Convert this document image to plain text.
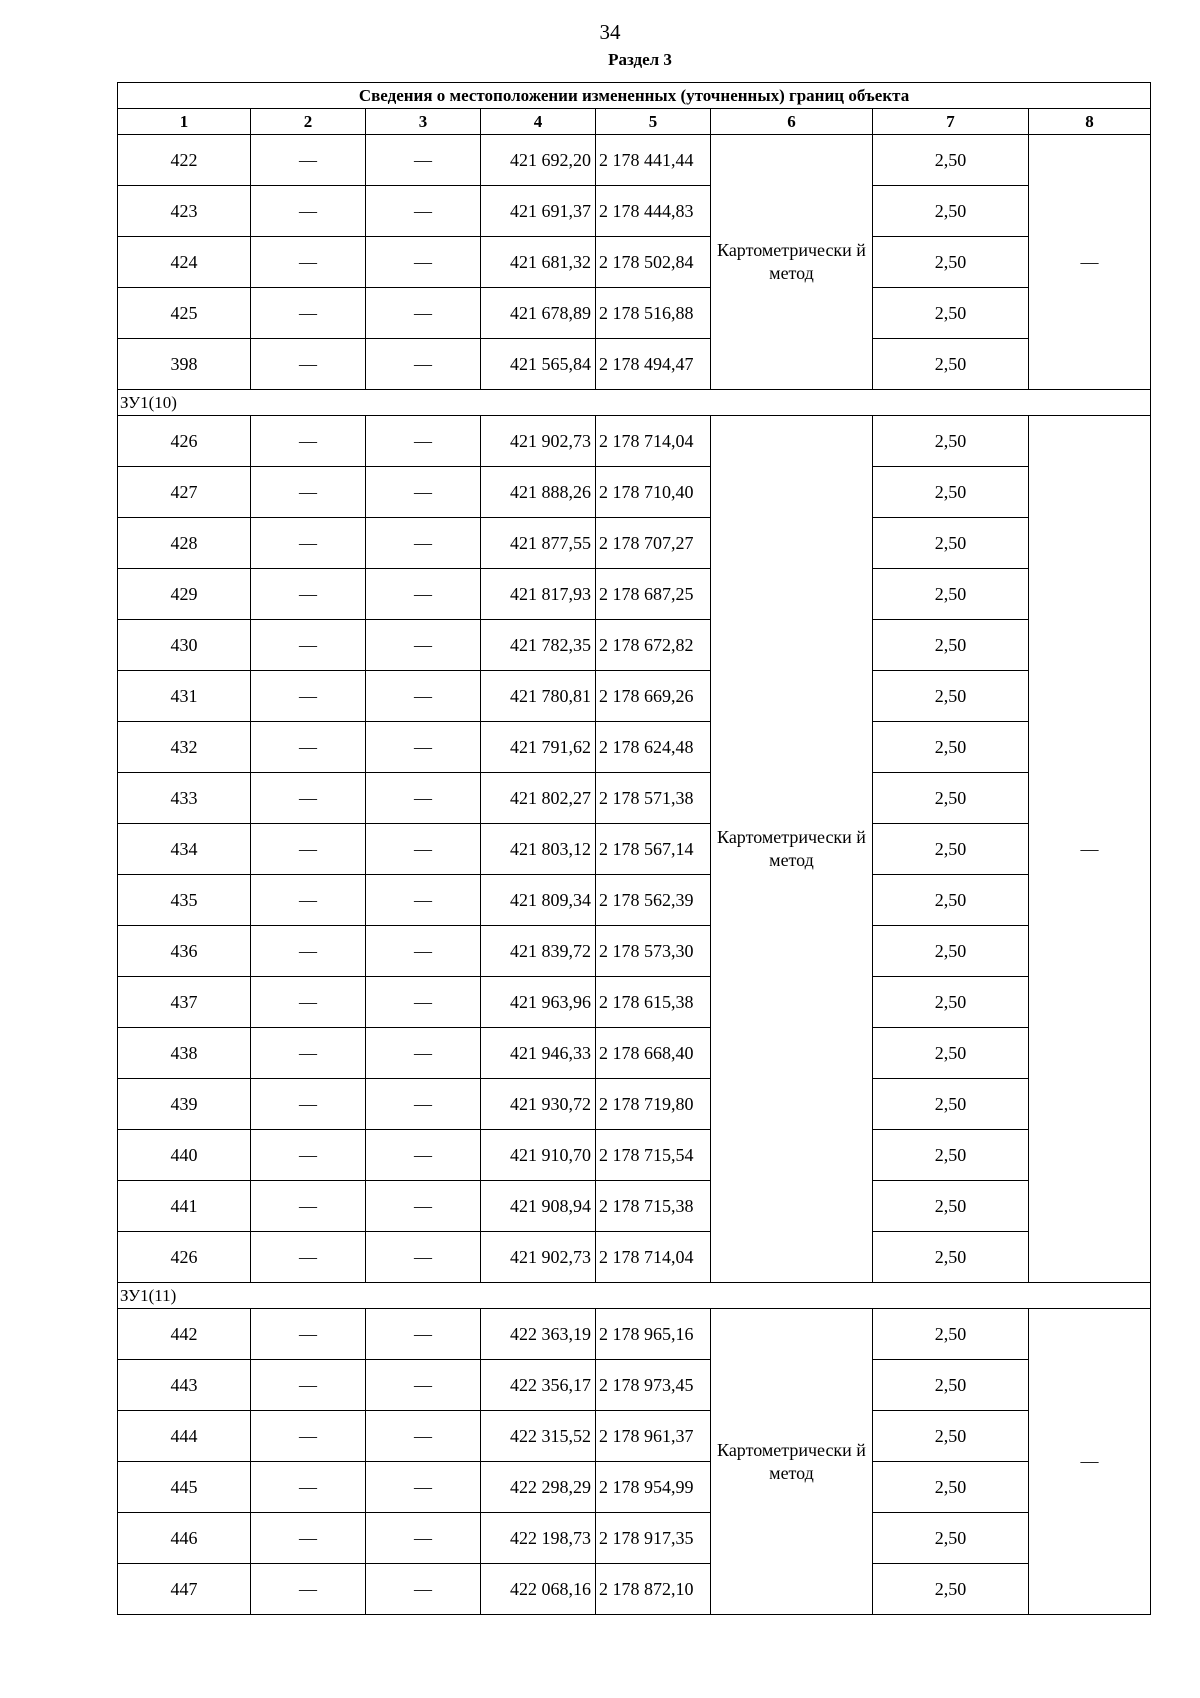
34
Раздел 3
Сведения о местоположении измененных (уточненных) границ объекта							
1	2	3	4	5	6	7	8
422	—	—	421 692,20	2 178 441,44	Картометрически й метод	2,50	—
423	—	—	421 691,37	2 178 444,83		2,50	
424	—	—	421 681,32	2 178 502,84		2,50	
425	—	—	421 678,89	2 178 516,88		2,50	
398	—	—	421 565,84	2 178 494,47		2,50	
ЗУ1(10)							
426	—	—	421 902,73	2 178 714,04	Картометрически й метод	2,50	—
427	—	—	421 888,26	2 178 710,40		2,50	
428	—	—	421 877,55	2 178 707,27		2,50	
429	—	—	421 817,93	2 178 687,25		2,50	
430	—	—	421 782,35	2 178 672,82		2,50	
431	—	—	421 780,81	2 178 669,26		2,50	
432	—	—	421 791,62	2 178 624,48		2,50	
433	—	—	421 802,27	2 178 571,38		2,50	
434	—	—	421 803,12	2 178 567,14		2,50	
435	—	—	421 809,34	2 178 562,39		2,50	
436	—	—	421 839,72	2 178 573,30		2,50	
437	—	—	421 963,96	2 178 615,38		2,50	
438	—	—	421 946,33	2 178 668,40		2,50	
439	—	—	421 930,72	2 178 719,80		2,50	
440	—	—	421 910,70	2 178 715,54		2,50	
441	—	—	421 908,94	2 178 715,38		2,50	
426	—	—	421 902,73	2 178 714,04		2,50	
ЗУ1(11)							
442	—	—	422 363,19	2 178 965,16	Картометрически й метод	2,50	—
443	—	—	422 356,17	2 178 973,45		2,50	
444	—	—	422 315,52	2 178 961,37		2,50	
445	—	—	422 298,29	2 178 954,99		2,50	
446	—	—	422 198,73	2 178 917,35		2,50	
447	—	—	422 068,16	2 178 872,10		2,50	
